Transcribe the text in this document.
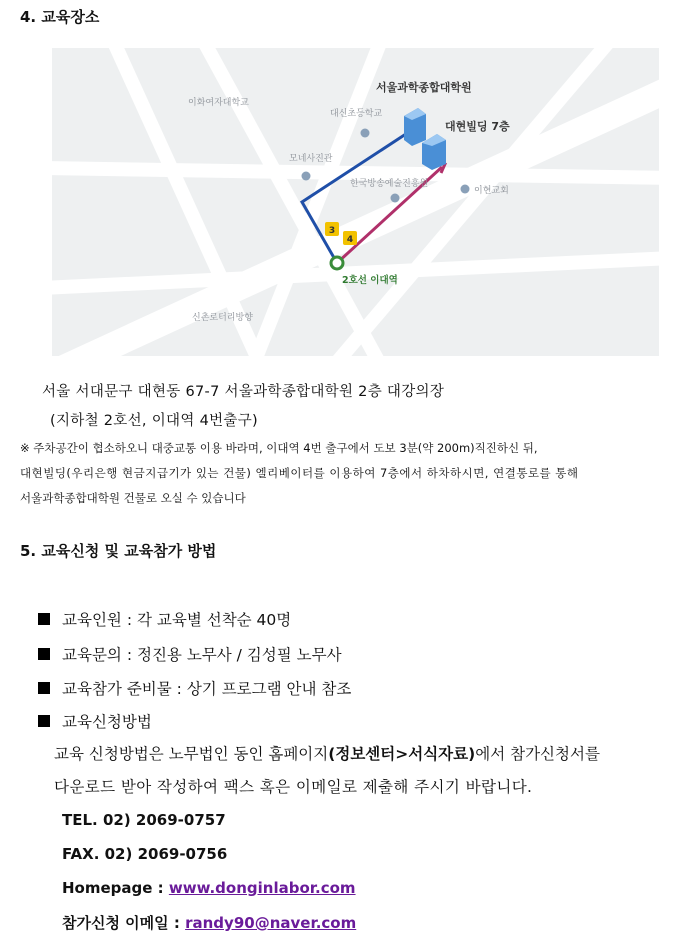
4. 교육장소
3
4
이화여자대학교
대신초등학교
모네사진관
한국방송예술진흥원
이현교회
신촌로터리방향
2호선 이대역
서울과학종합대학원
대현빌딩 7층
서울 서대문구 대현동 67-7 서울과학종합대학원 2층 대강의장
(지하철 2호선, 이대역 4번출구)
※ 주차공간이 협소하오니 대중교통 이용 바라며, 이대역 4번 출구에서 도보 3분(약 200m)직진하신 뒤,
대현빌딩(우리은행 현금지급기가 있는 건물) 엘리베이터를 이용하여 7층에서 하차하시면, 연결통로를 통해
서울과학종합대학원 건물로 오실 수 있습니다
5. 교육신청 및 교육참가 방법
교육인원 : 각 교육별 선착순 40명
교육문의 : 정진용 노무사 / 김성필 노무사
교육참가 준비물 : 상기 프로그램 안내 참조
교육신청방법
교육 신청방법은 노무법인 동인 홈페이지(정보센터>서식자료)에서 참가신청서를
다운로드 받아 작성하여 팩스 혹은 이메일로 제출해 주시기 바랍니다.
TEL. 02) 2069-0757
FAX. 02) 2069-0756
Homepage : www.donginlabor.com
참가신청 이메일 : randy90@naver.com
